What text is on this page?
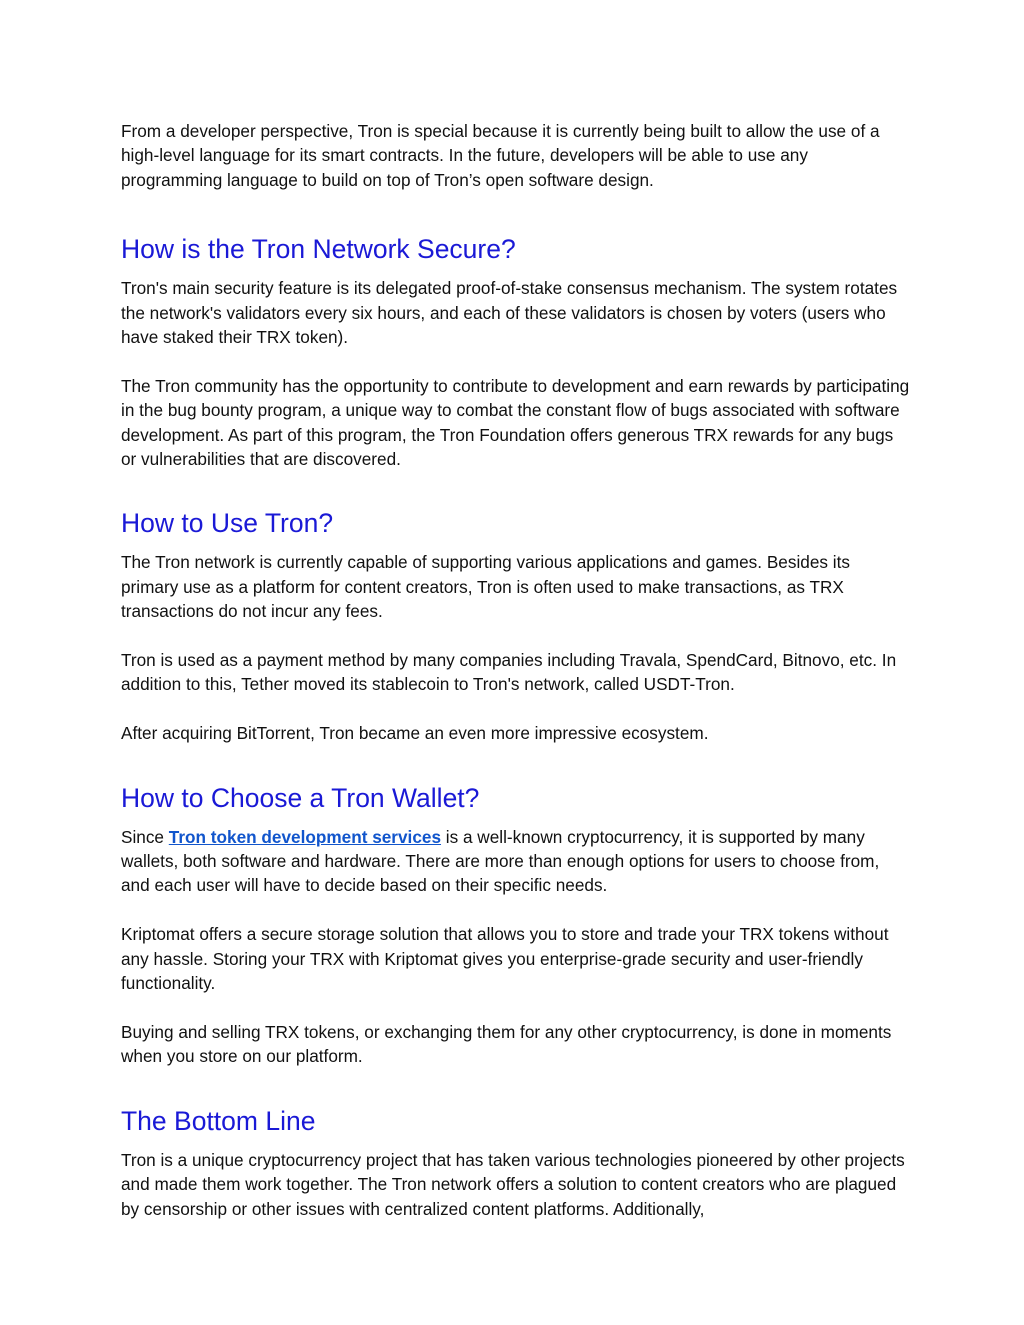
From a developer perspective, Tron is special because it is currently being built to allow the use of a high-level language for its smart contracts. In the future, developers will be able to use any programming language to build on top of Tron’s open software design.

How is the Tron Network Secure?

Tron's main security feature is its delegated proof-of-stake consensus mechanism. The system rotates the network's validators every six hours, and each of these validators is chosen by voters (users who have staked their TRX token).

The Tron community has the opportunity to contribute to development and earn rewards by participating in the bug bounty program, a unique way to combat the constant flow of bugs associated with software development. As part of this program, the Tron Foundation offers generous TRX rewards for any bugs or vulnerabilities that are discovered.

How to Use Tron?

The Tron network is currently capable of supporting various applications and games. Besides its primary use as a platform for content creators, Tron is often used to make transactions, as TRX transactions do not incur any fees.

Tron is used as a payment method by many companies including Travala, SpendCard, Bitnovo, etc. In addition to this, Tether moved its stablecoin to Tron's network, called USDT-Tron.

After acquiring BitTorrent, Tron became an even more impressive ecosystem.

How to Choose a Tron Wallet?

Since Tron token development services is a well-known cryptocurrency, it is supported by many wallets, both software and hardware. There are more than enough options for users to choose from, and each user will have to decide based on their specific needs.

Kriptomat offers a secure storage solution that allows you to store and trade your TRX tokens without any hassle. Storing your TRX with Kriptomat gives you enterprise-grade security and user-friendly functionality.

Buying and selling TRX tokens, or exchanging them for any other cryptocurrency, is done in moments when you store on our platform.

The Bottom Line

Tron is a unique cryptocurrency project that has taken various technologies pioneered by other projects and made them work together. The Tron network offers a solution to content creators who are plagued by censorship or other issues with centralized content platforms. Additionally,
